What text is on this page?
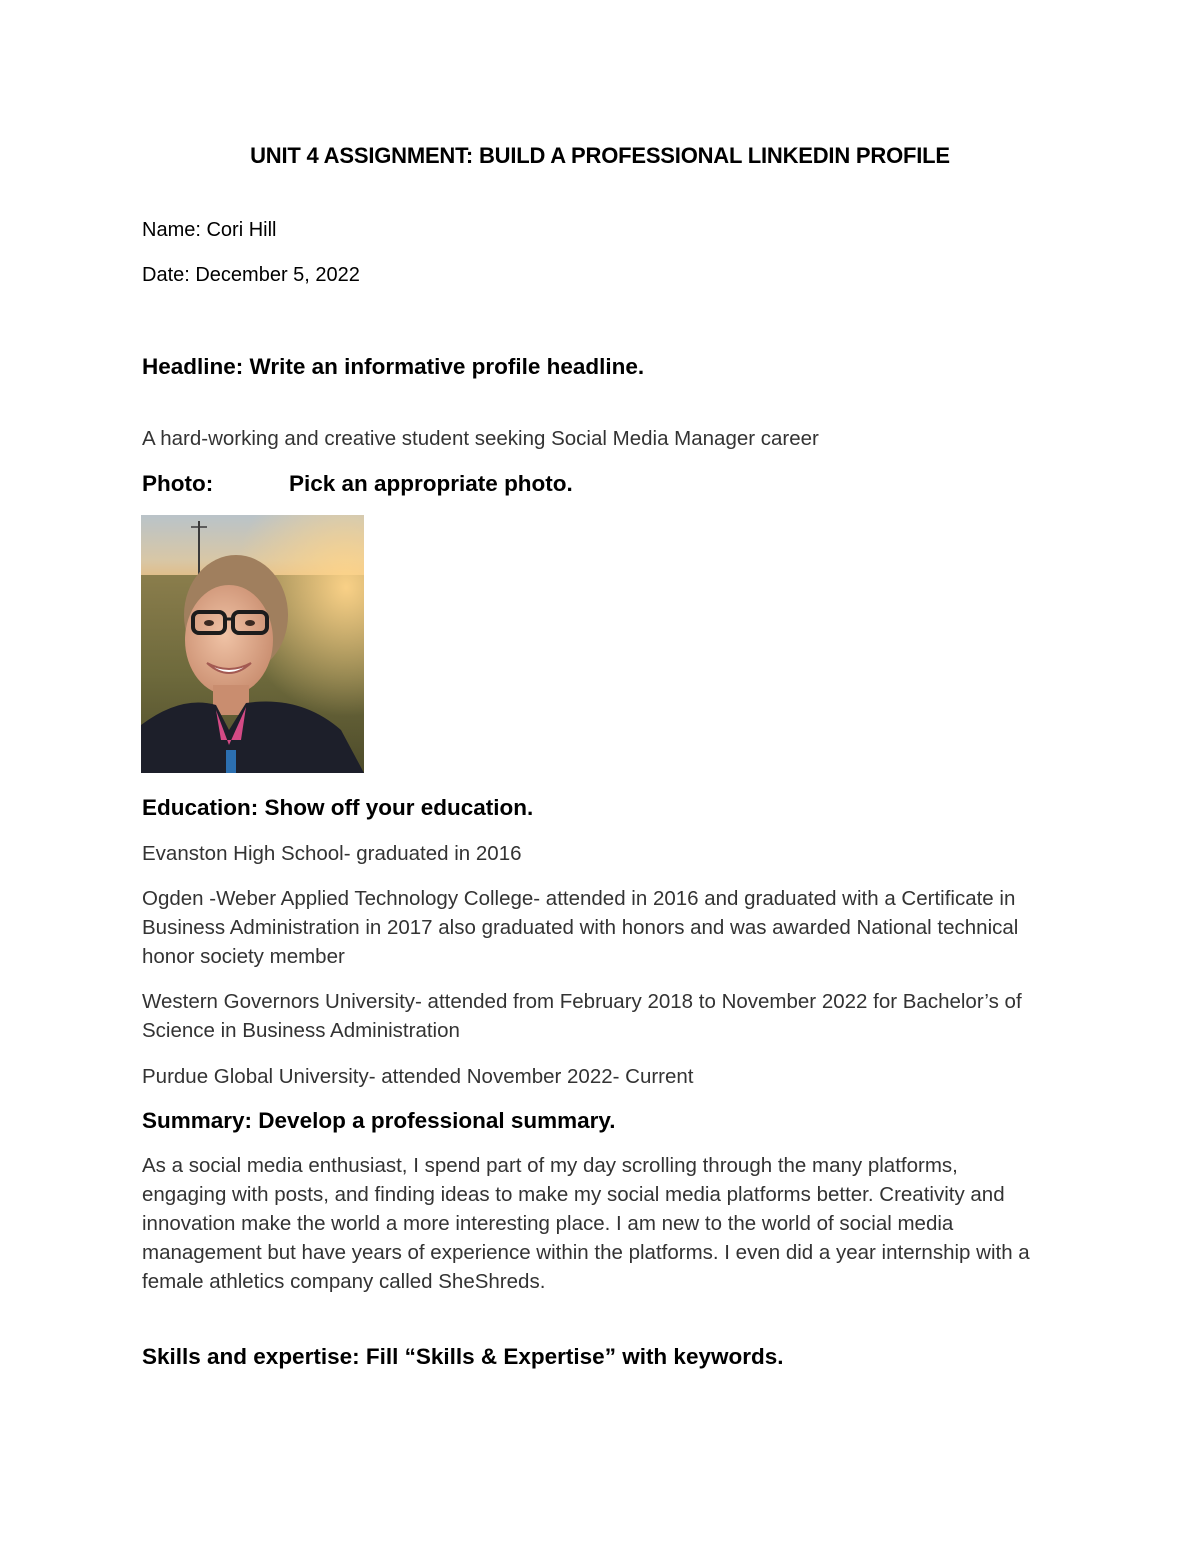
UNIT 4 ASSIGNMENT: BUILD A PROFESSIONAL LINKEDIN PROFILE
Name: Cori Hill
Date: December 5, 2022
Headline: Write an informative profile headline.
A hard-working and creative student seeking Social Media Manager career
Photo:	Pick an appropriate photo.
Education: Show off your education.
Evanston High School- graduated in 2016
Ogden -Weber Applied Technology College- attended in 2016 and graduated with a Certificate in Business Administration in 2017 also graduated with honors and was awarded National technical honor society member
Western Governors University- attended from February 2018 to November 2022 for Bachelor’s of Science in Business Administration
Purdue Global University- attended November 2022- Current
Summary: Develop a professional summary.
As a social media enthusiast, I spend part of my day scrolling through the many platforms, engaging with posts, and finding ideas to make my social media platforms better. Creativity and innovation make the world a more interesting place. I am new to the world of social media management but have years of experience within the platforms. I even did a year internship with a female athletics company called SheShreds.
Skills and expertise: Fill “Skills & Expertise” with keywords.
